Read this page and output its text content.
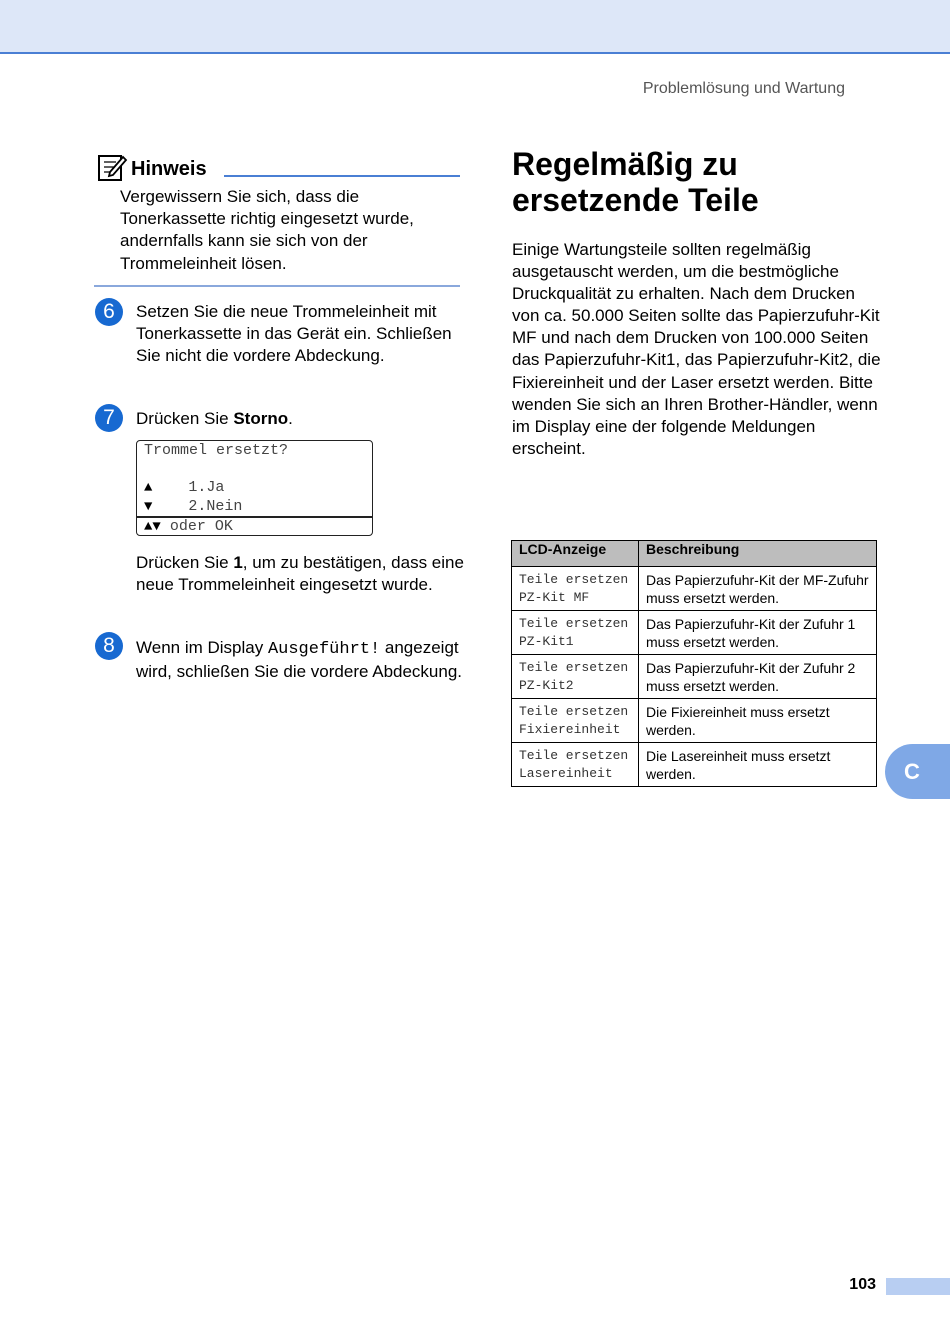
Problemlösung und Wartung
Hinweis
Vergewissern Sie sich, dass die Tonerkassette richtig eingesetzt wurde, andernfalls kann sie sich von der Trommeleinheit lösen.
6	Setzen Sie die neue Trommeleinheit mit Tonerkassette in das Gerät ein. Schließen Sie nicht die vordere Abdeckung.
7	Drücken Sie Storno.
Trommel ersetzt?
▲ 1.Ja
▼ 2.Nein
▲▼ oder OK
Drücken Sie 1, um zu bestätigen, dass eine neue Trommeleinheit eingesetzt wurde.
8	Wenn im Display Ausgeführt! angezeigt wird, schließen Sie die vordere Abdeckung.
Regelmäßig zu ersetzende Teile
Einige Wartungsteile sollten regelmäßig ausgetauscht werden, um die bestmögliche Druckqualität zu erhalten. Nach dem Drucken von ca. 50.000 Seiten sollte das Papierzufuhr-Kit MF und nach dem Drucken von 100.000 Seiten das Papierzufuhr-Kit1, das Papierzufuhr-Kit2, die Fixiereinheit und der Laser ersetzt werden. Bitte wenden Sie sich an Ihren Brother-Händler, wenn im Display eine der folgende Meldungen erscheint.
LCD-Anzeige	Beschreibung
Teile ersetzen
PZ-Kit MF	Das Papierzufuhr-Kit der MF-Zufuhr muss ersetzt werden.
Teile ersetzen
PZ-Kit1	Das Papierzufuhr-Kit der Zufuhr 1 muss ersetzt werden.
Teile ersetzen
PZ-Kit2	Das Papierzufuhr-Kit der Zufuhr 2 muss ersetzt werden.
Teile ersetzen
Fixiereinheit	Die Fixiereinheit muss ersetzt werden.
Teile ersetzen
Lasereinheit	Die Lasereinheit muss ersetzt werden.	C
103
